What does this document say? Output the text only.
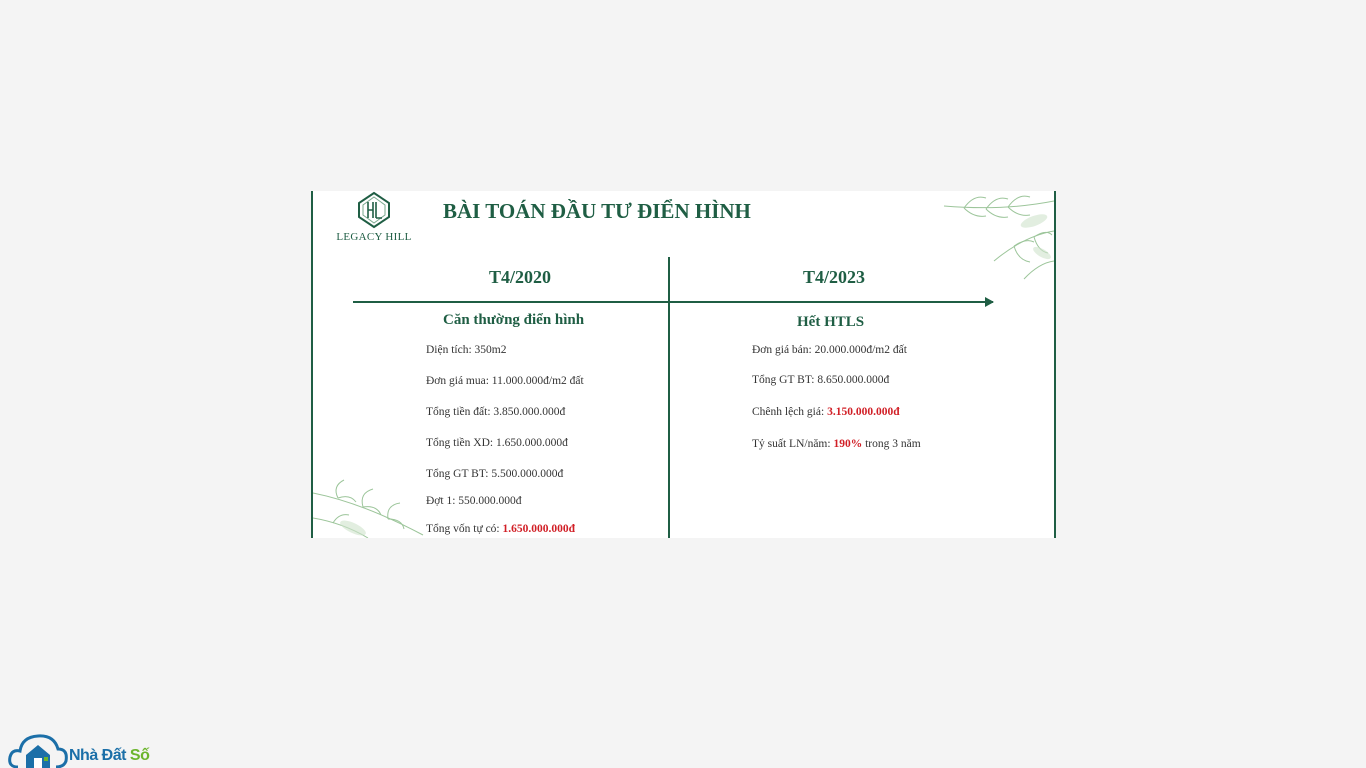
LEGACY HILL
BÀI TOÁN ĐẦU TƯ ĐIỂN HÌNH
T4/2020	T4/2023
Căn thường điển hình	Hết HTLS
Diện tích: 350m2
Đơn giá mua: 11.000.000đ/m2 đất
Tổng tiền đất: 3.850.000.000đ
Tổng tiền XD: 1.650.000.000đ
Tổng GT BT: 5.500.000.000đ
Đợt 1: 550.000.000đ
Tổng vốn tự có: 1.650.000.000đ
Đơn giá bán: 20.000.000đ/m2 đất
Tổng GT BT: 8.650.000.000đ
Chênh lệch giá: 3.150.000.000đ
Tỷ suất LN/năm: 190% trong 3 năm
Nhà Đất Số
